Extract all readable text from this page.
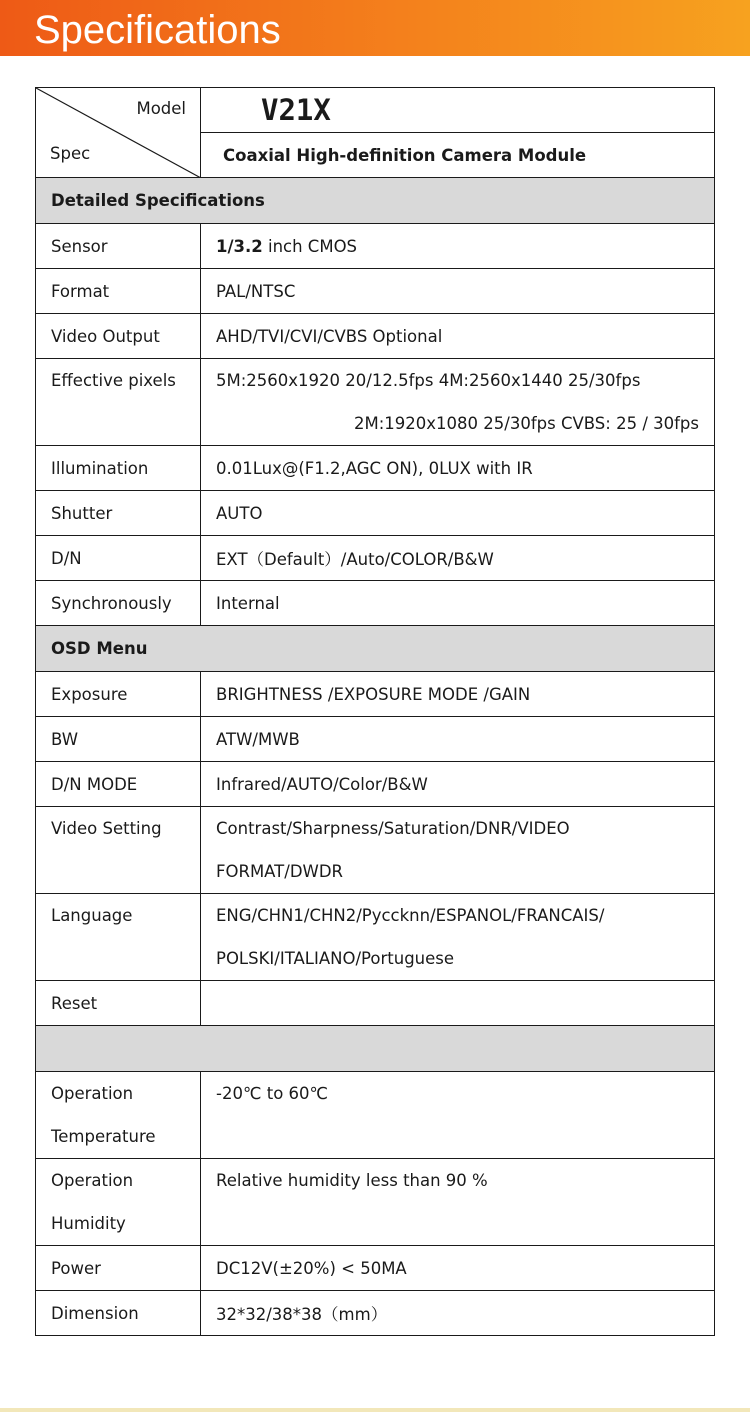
Specifications
Model
Spec	V21X
	Coaxial High-definition Camera Module
Detailed Specifications	
Sensor	1/3.2 inch CMOS
Format	PAL/NTSC
Video Output	AHD/TVI/CVI/CVBS Optional
Effective pixels	5M:2560x1920 20/12.5fps 4M:2560x1440 25/30fps
2M:1920x1080 25/30fps CVBS: 25 / 30fps

Illumination	0.01Lux@(F1.2,AGC ON), 0LUX with IR
Shutter	AUTO
D/N	EXT（Default）/Auto/COLOR/B&W
Synchronously	Internal
OSD Menu	
Exposure	BRIGHTNESS /EXPOSURE MODE /GAIN
BW	ATW/MWB
D/N MODE	Infrared/AUTO/Color/B&W
Video Setting	Contrast/Sharpness/Saturation/DNR/VIDEO
FORMAT/DWDR

Language	ENG/CHN1/CHN2/Pyccknn/ESPANOL/FRANCAIS/
POLSKI/ITALIANO/Portuguese

Reset	

Operation
Temperature	-20℃ to 60℃

Operation
Humidity	Relative humidity less than 90 %

Power	DC12V(±20%) < 50MA
Dimension	32*32/38*38（mm）
